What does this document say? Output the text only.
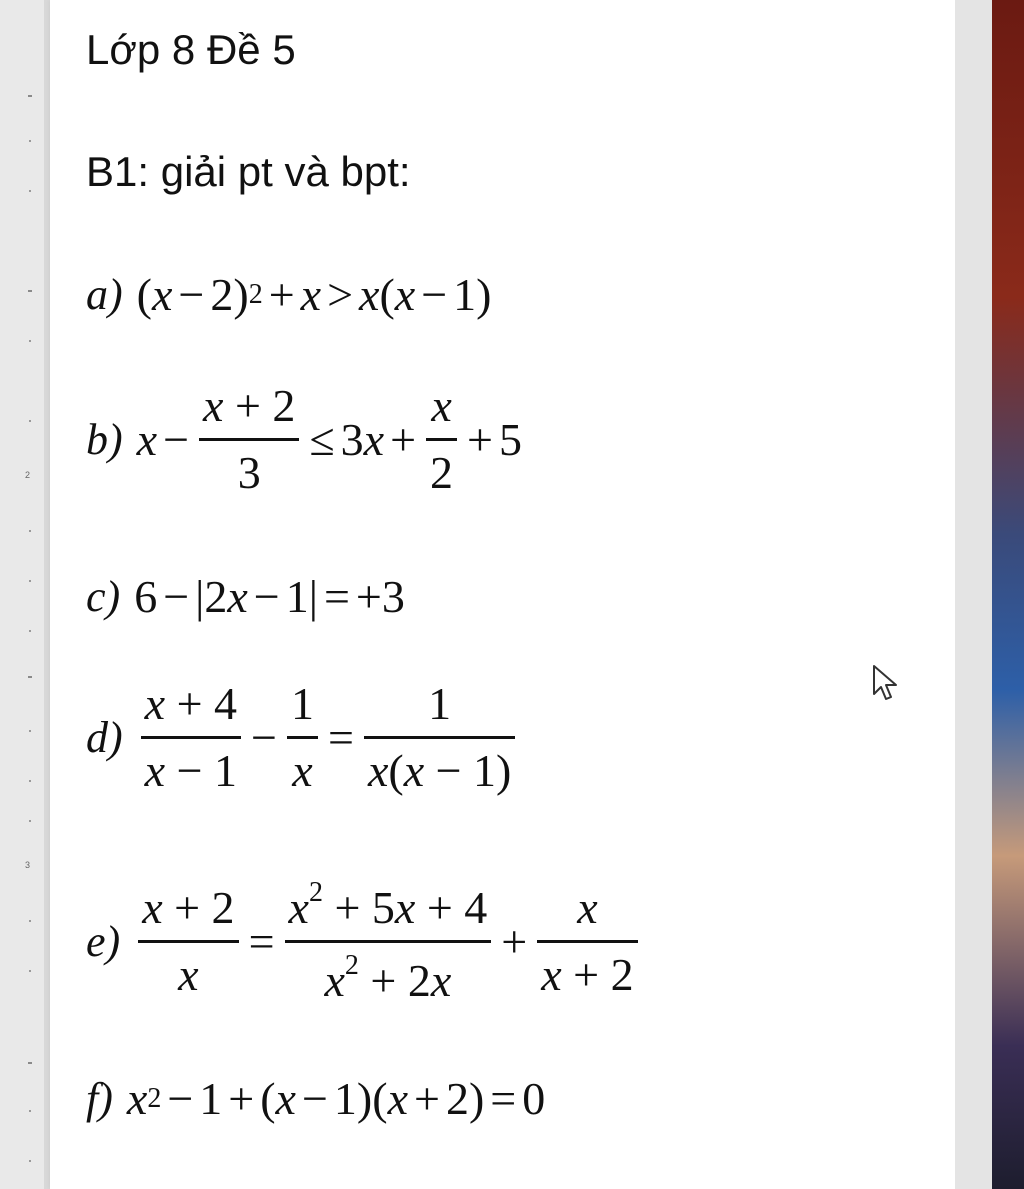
2
3
Lớp 8 Đề 5
B1: giải pt và bpt:
a) ( x − 2) 2 + x > x ( x − 1)
b) $x - \frac{x + 2}{3} \le 3$ $x + \frac{x}{2} + 5$
c) 6 − |2 x − 1| = +3
$d) \frac{x + 4}{x - 1} - \frac{1}{x} = \frac{1}{x(x - 1)}$
$e) \frac{x + 2}{x} = \frac{x^2 + 5x + 4}{x^2 + 2x} + \frac{x}{x + 2}$
f) x 2 − 1 + ( x − 1)( x + 2) = 0
